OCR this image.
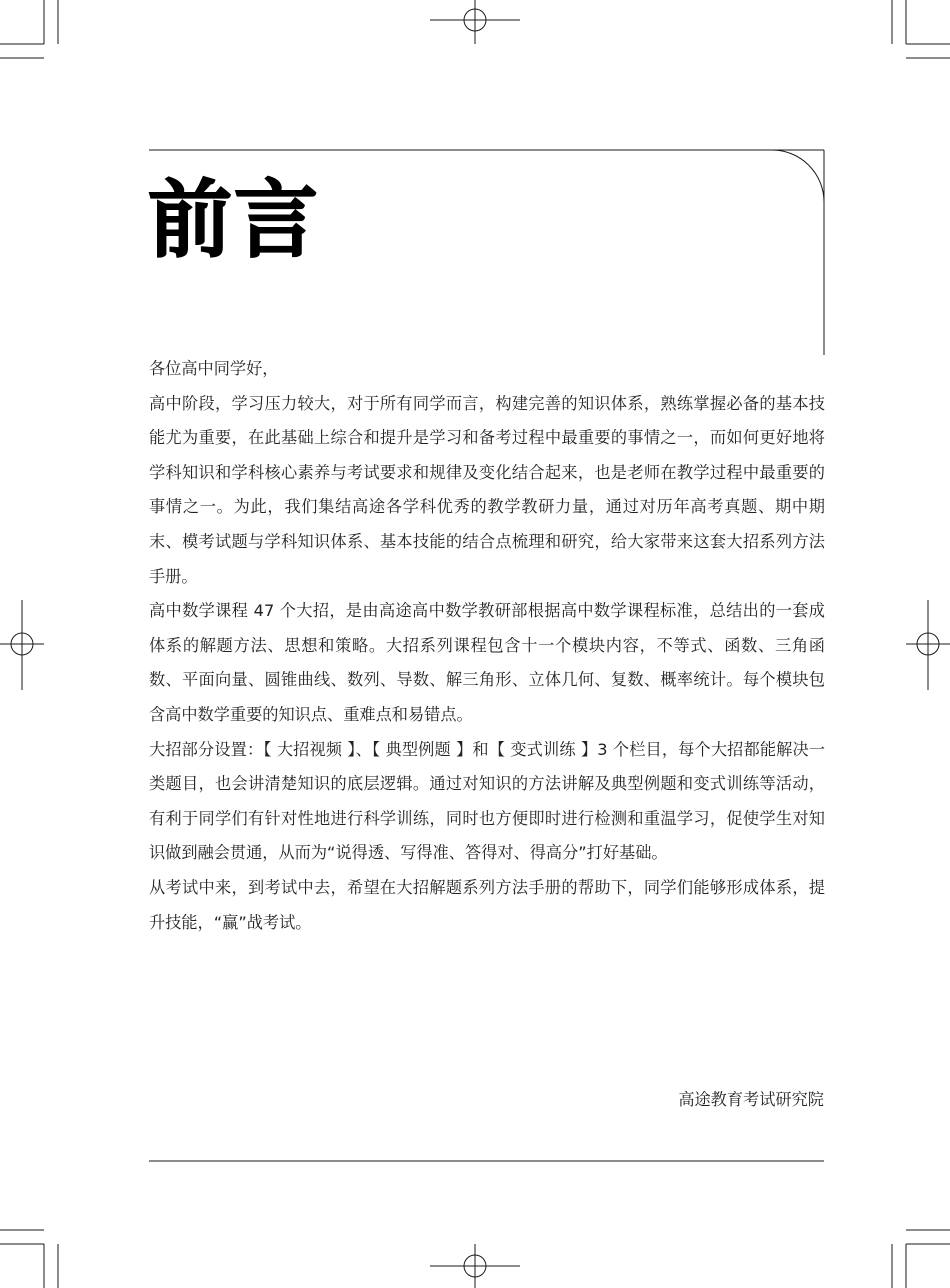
前言

各位高中同学好，

高中阶段，学习压力较大，对于所有同学而言，构建完善的知识体系，熟练掌握必备的基本技能尤为重要，在此基础上综合和提升是学习和备考过程中最重要的事情之一，而如何更好地将学科知识和学科核心素养与考试要求和规律及变化结合起来，也是老师在教学过程中最重要的事情之一。为此，我们集结高途各学科优秀的教学教研力量，通过对历年高考真题、期中期末、模考试题与学科知识体系、基本技能的结合点梳理和研究，给大家带来这套大招系列方法手册。

高中数学课程 47 个大招，是由高途高中数学教研部根据高中数学课程标准，总结出的一套成体系的解题方法、思想和策略。大招系列课程包含十一个模块内容，不等式、函数、三角函数、平面向量、圆锥曲线、数列、导数、解三角形、立体几何、复数、概率统计。每个模块包含高中数学重要的知识点、重难点和易错点。

大招部分设置：【 大招视频 】、【 典型例题 】和【 变式训练 】3 个栏目，每个大招都能解决一类题目，也会讲清楚知识的底层逻辑。通过对知识的方法讲解及典型例题和变式训练等活动，有利于同学们有针对性地进行科学训练，同时也方便即时进行检测和重温学习，促使学生对知识做到融会贯通，从而为“说得透、写得准、答得对、得高分”打好基础。

从考试中来，到考试中去，希望在大招解题系列方法手册的帮助下，同学们能够形成体系，提升技能，“赢”战考试。

高途教育考试研究院
